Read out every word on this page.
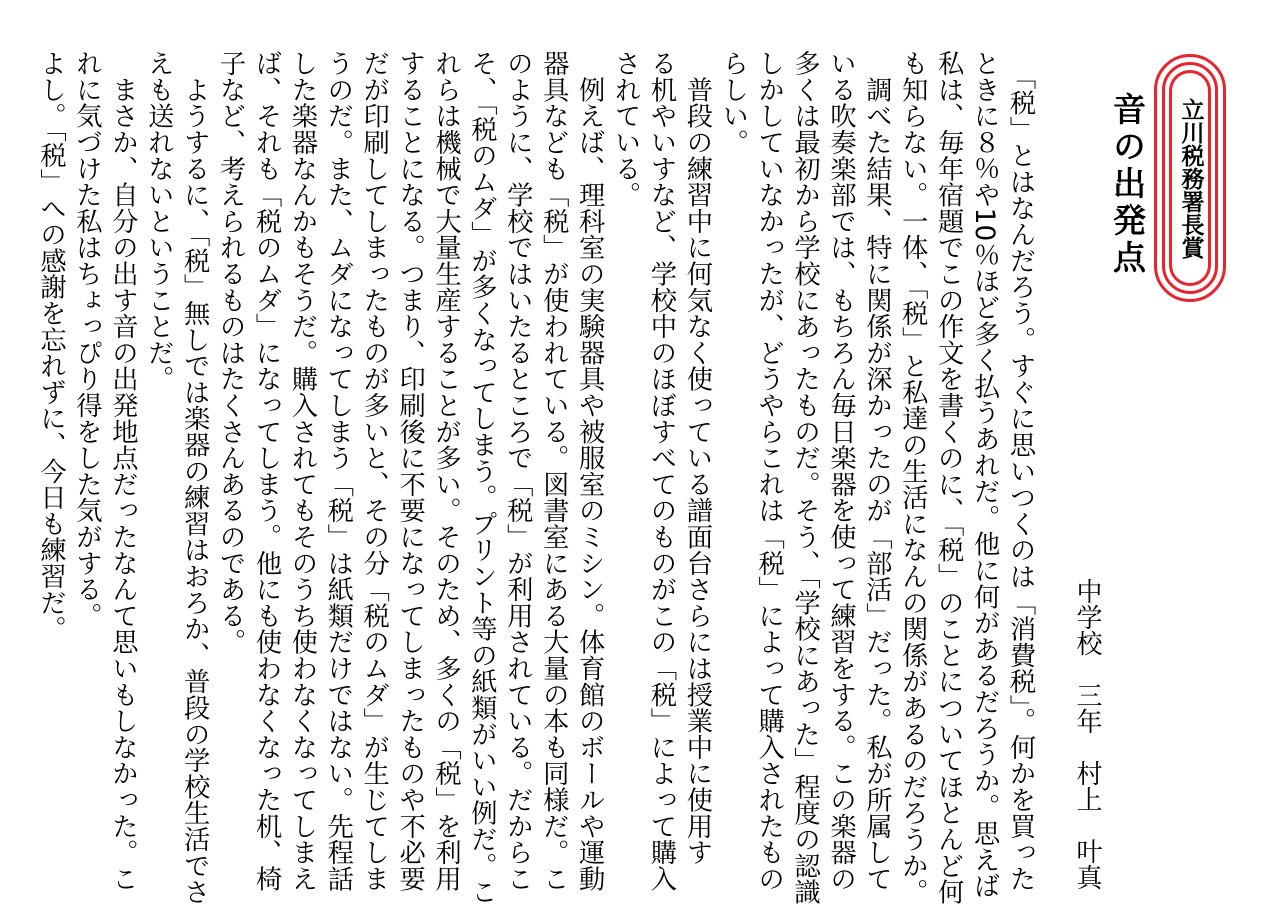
立川税務署長賞
音の出発点
中学校　三年　村上　叶真
　「税」とはなんだろう。すぐに思いつくのは「消費税」。何かを買った
ときに８％や10％ほど多く払うあれだ。他に何があるだろうか。思えば
私は、毎年宿題でこの作文を書くのに、「税」のことについてほとんど何
も知らない。一体、「税」と私達の生活になんの関係があるのだろうか。
　調べた結果、特に関係が深かったのが「部活」だった。私が所属して
いる吹奏楽部では、もちろん毎日楽器を使って練習をする。この楽器の
多くは最初から学校にあったものだ。そう、「学校にあった」程度の認識
しかしていなかったが、どうやらこれは「税」によって購入されたもの
らしい。
　普段の練習中に何気なく使っている譜面台さらには授業中に使用す
る机やいすなど、学校中のほぼすべてのものがこの「税」によって購入
されている。
　例えば、理科室の実験器具や被服室のミシン。体育館のボールや運動
器具なども「税」が使われている。図書室にある大量の本も同様だ。こ
のように、学校ではいたるところで「税」が利用されている。だからこ
そ、「税のムダ」が多くなってしまう。プリント等の紙類がいい例だ。こ
れらは機械で大量生産することが多い。そのため、多くの「税」を利用
することになる。つまり、印刷後に不要になってしまったものや不必要
だが印刷してしまったものが多いと、その分「税のムダ」が生じてしま
うのだ。また、ムダになってしまう「税」は紙類だけではない。先程話
した楽器なんかもそうだ。購入されてもそのうち使わなくなってしまえ
ば、それも「税のムダ」になってしまう。他にも使わなくなった机、椅
子など、考えられるものはたくさんあるのである。
　ようするに、「税」無しでは楽器の練習はおろか、普段の学校生活でさ
えも送れないということだ。
　まさか、自分の出す音の出発地点だったなんて思いもしなかった。こ
れに気づけた私はちょっぴり得をした気がする。
よし。「税」への感謝を忘れずに、今日も練習だ。
